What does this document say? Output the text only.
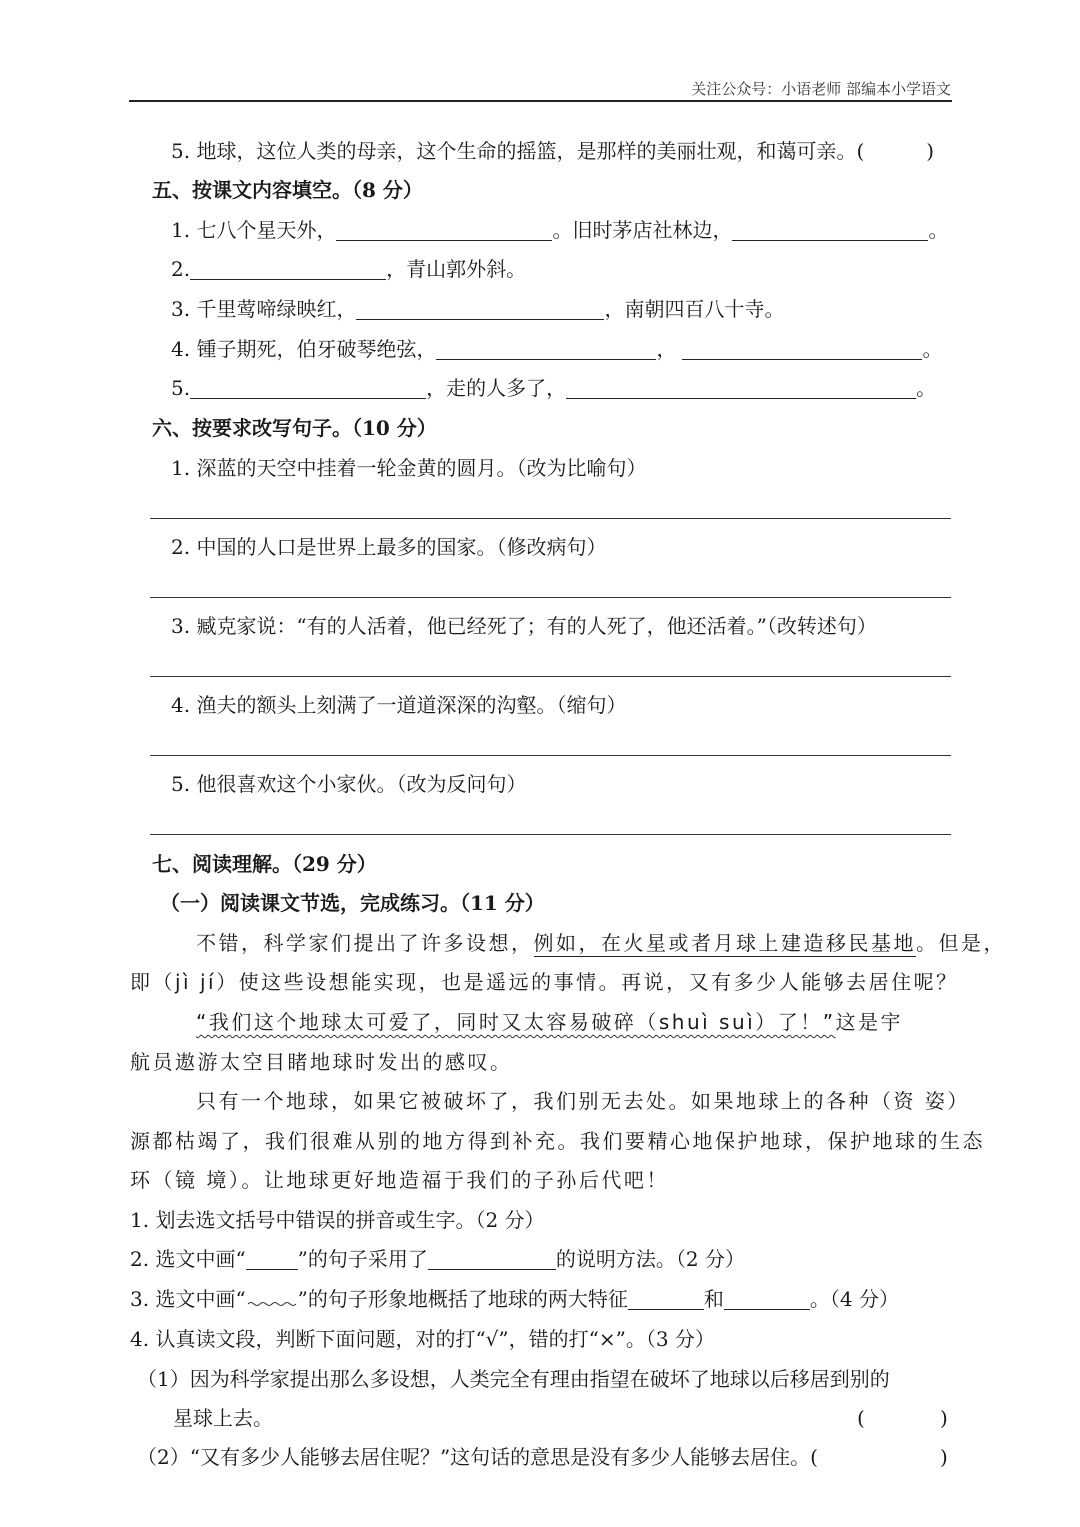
关注公众号：小语老师 部编本小学语文
5. 地球，这位人类的母亲，这个生命的摇篮，是那样的美丽壮观，和蔼可亲。(	)
五、按课文内容填空。（8 分）
1. 七八个星天外，	。旧时茅店社林边，	。
2.	，青山郭外斜。
3. 千里莺啼绿映红，	，南朝四百八十寺。
4. 锺子期死，伯牙破琴绝弦，	，	。
5.	，走的人多了，	。
六、按要求改写句子。（10 分）
1. 深蓝的天空中挂着一轮金黄的圆月。（改为比喻句）
2. 中国的人口是世界上最多的国家。（修改病句）
3. 臧克家说：“有的人活着，他已经死了；有的人死了，他还活着。”（改转述句）
4. 渔夫的额头上刻满了一道道深深的沟壑。（缩句）
5. 他很喜欢这个小家伙。（改为反问句）
七、阅读理解。（29 分）
（一）阅读课文节选，完成练习。（11 分）
不错，科学家们提出了许多设想，例如，在火星或者月球上建造移民基地。但是，
即（jì jí）使这些设想能实现，也是遥远的事情。再说，又有多少人能够去居住呢？
“我们这个地球太可爱了，同时又太容易破碎（shuì suì）了！”这是宇
航员遨游太空目睹地球时发出的感叹。
只有一个地球，如果它被破坏了，我们别无去处。如果地球上的各种（资 姿）
源都枯竭了，我们很难从别的地方得到补充。我们要精心地保护地球，保护地球的生态
环（镜 境）。让地球更好地造福于我们的子孙后代吧！
1. 划去选文括号中错误的拼音或生字。（2 分）
2. 选文中画“	”的句子采用了	的说明方法。（2 分）
3. 选文中画“	”的句子形象地概括了地球的两大特征	和	。（4 分）
4. 认真读文段，判断下面问题，对的打“√”，错的打“×”。（3 分）
（1）因为科学家提出那么多设想，人类完全有理由指望在破坏了地球以后移居到别的
星球上去。	(	)
（2）“又有多少人能够去居住呢？”这句话的意思是没有多少人能够去居住。(	)
